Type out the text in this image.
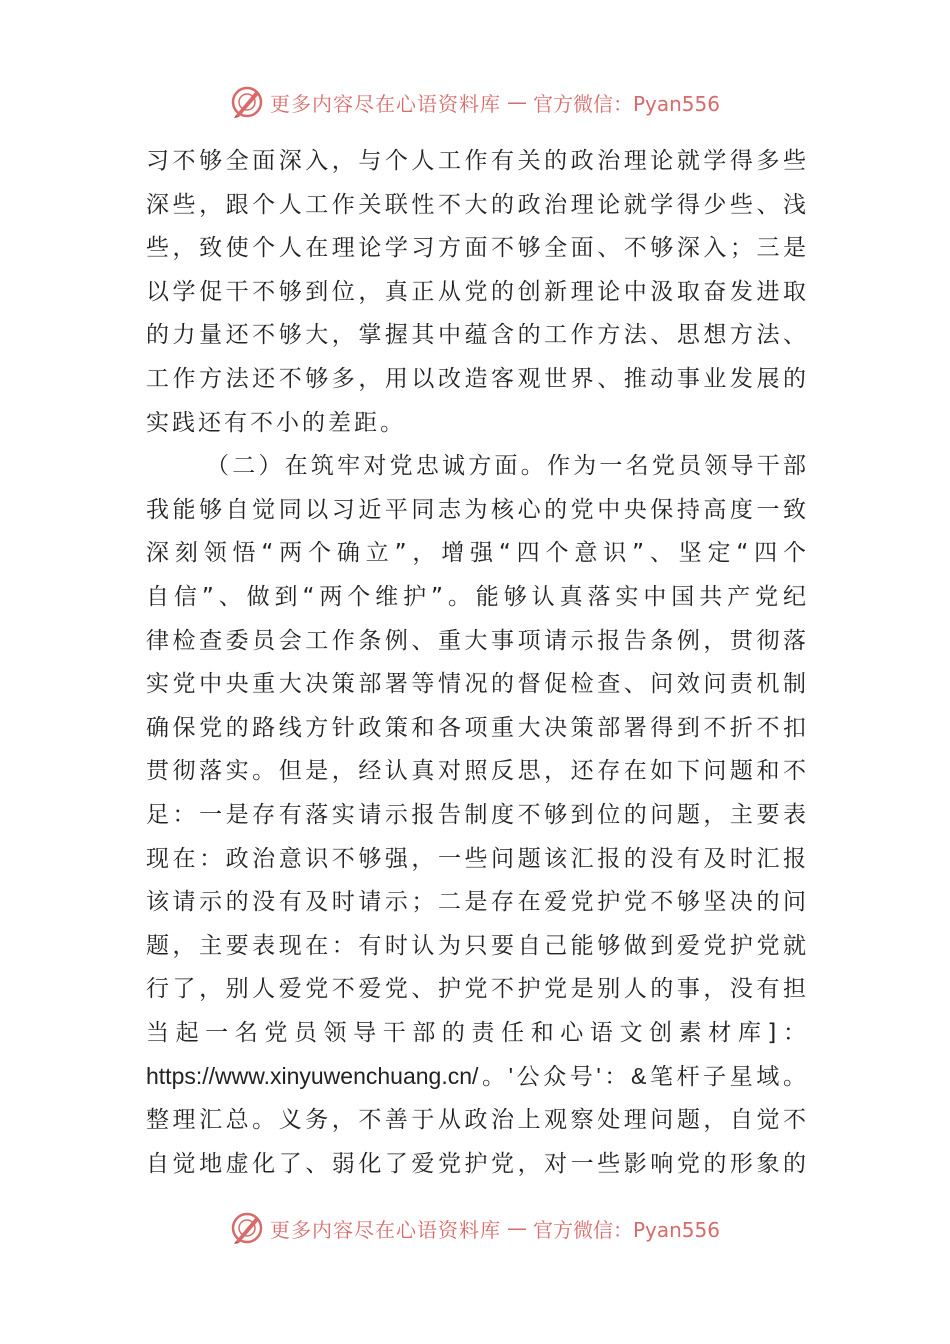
更多内容尽在心语资料库 — 官方微信：Pyan556
习不够全面深入，与个人工作有关的政治理论就学得多些
深些，跟个人工作关联性不大的政治理论就学得少些、浅
些，致使个人在理论学习方面不够全面、不够深入；三是
以学促干不够到位，真正从党的创新理论中汲取奋发进取
的力量还不够大，掌握其中蕴含的工作方法、思想方法、
工作方法还不够多，用以改造客观世界、推动事业发展的
实践还有不小的差距。
（二）在筑牢对党忠诚方面。作为一名党员领导干部
我能够自觉同以习近平同志为核心的党中央保持高度一致
深刻领悟“两个确立”，增强“四个意识”、坚定“四个
自信”、做到“两个维护”。能够认真落实中国共产党纪
律检查委员会工作条例、重大事项请示报告条例，贯彻落
实党中央重大决策部署等情况的督促检查、问效问责机制
确保党的路线方针政策和各项重大决策部署得到不折不扣
贯彻落实。但是，经认真对照反思，还存在如下问题和不
足：一是存有落实请示报告制度不够到位的问题，主要表
现在：政治意识不够强，一些问题该汇报的没有及时汇报
该请示的没有及时请示；二是存在爱党护党不够坚决的问
题，主要表现在：有时认为只要自己能够做到爱党护党就
行了，别人爱党不爱党、护党不护党是别人的事，没有担
当起一名党员领导干部的责任和心语文创素材库]：
https://www.xinyuwenchuang.cn/。'公众号'：&笔杆子星域。
整理汇总。义务，不善于从政治上观察处理问题，自觉不
自觉地虚化了、弱化了爱党护党，对一些影响党的形象的
更多内容尽在心语资料库 — 官方微信：Pyan556
